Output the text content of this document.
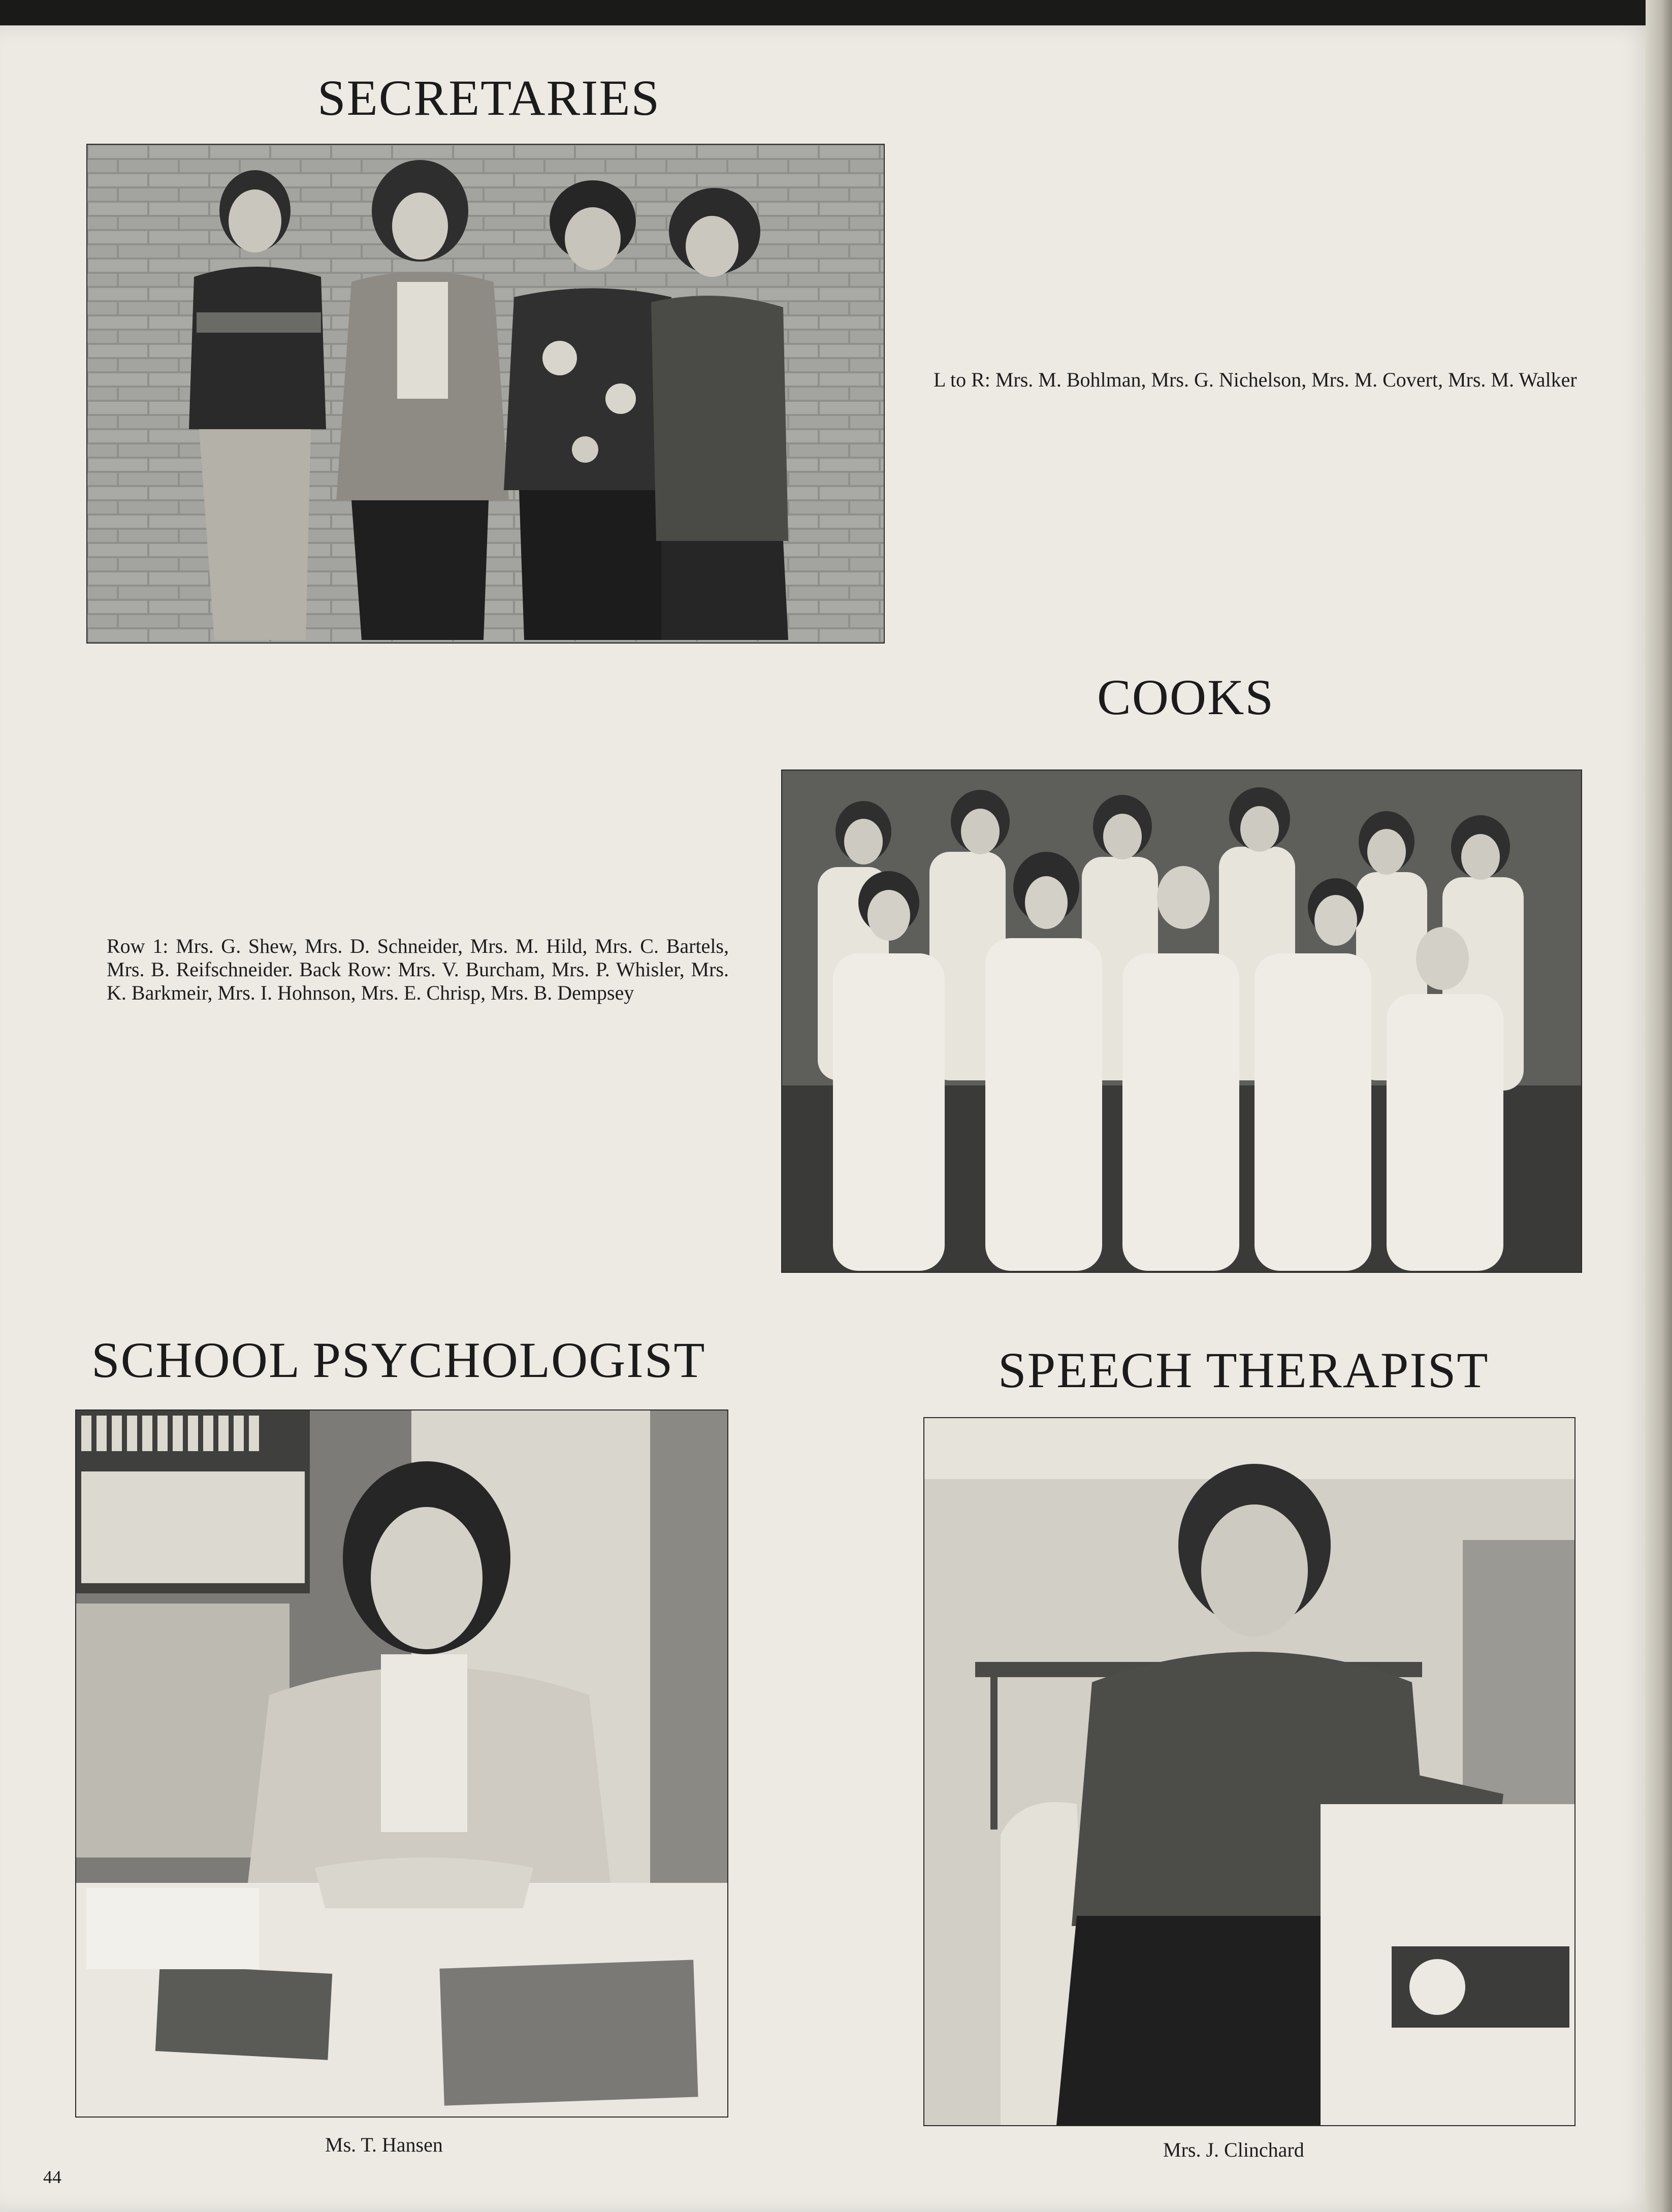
SECRETARIES

L to R: Mrs. M. Bohlman, Mrs. G. Nichelson, Mrs. M. Covert, Mrs. M. Walker

COOKS

Row 1: Mrs. G. Shew, Mrs. D. Schneider, Mrs. M. Hild, Mrs. C. Bartels, Mrs. B. Reifschneider. Back Row: Mrs. V. Burcham, Mrs. P. Whisler, Mrs. K. Barkmeir, Mrs. I. Hohnson, Mrs. E. Chrisp, Mrs. B. Dempsey

SCHOOL PSYCHOLOGIST

Ms. T. Hansen

SPEECH THERAPIST

Mrs. J. Clinchard

44
